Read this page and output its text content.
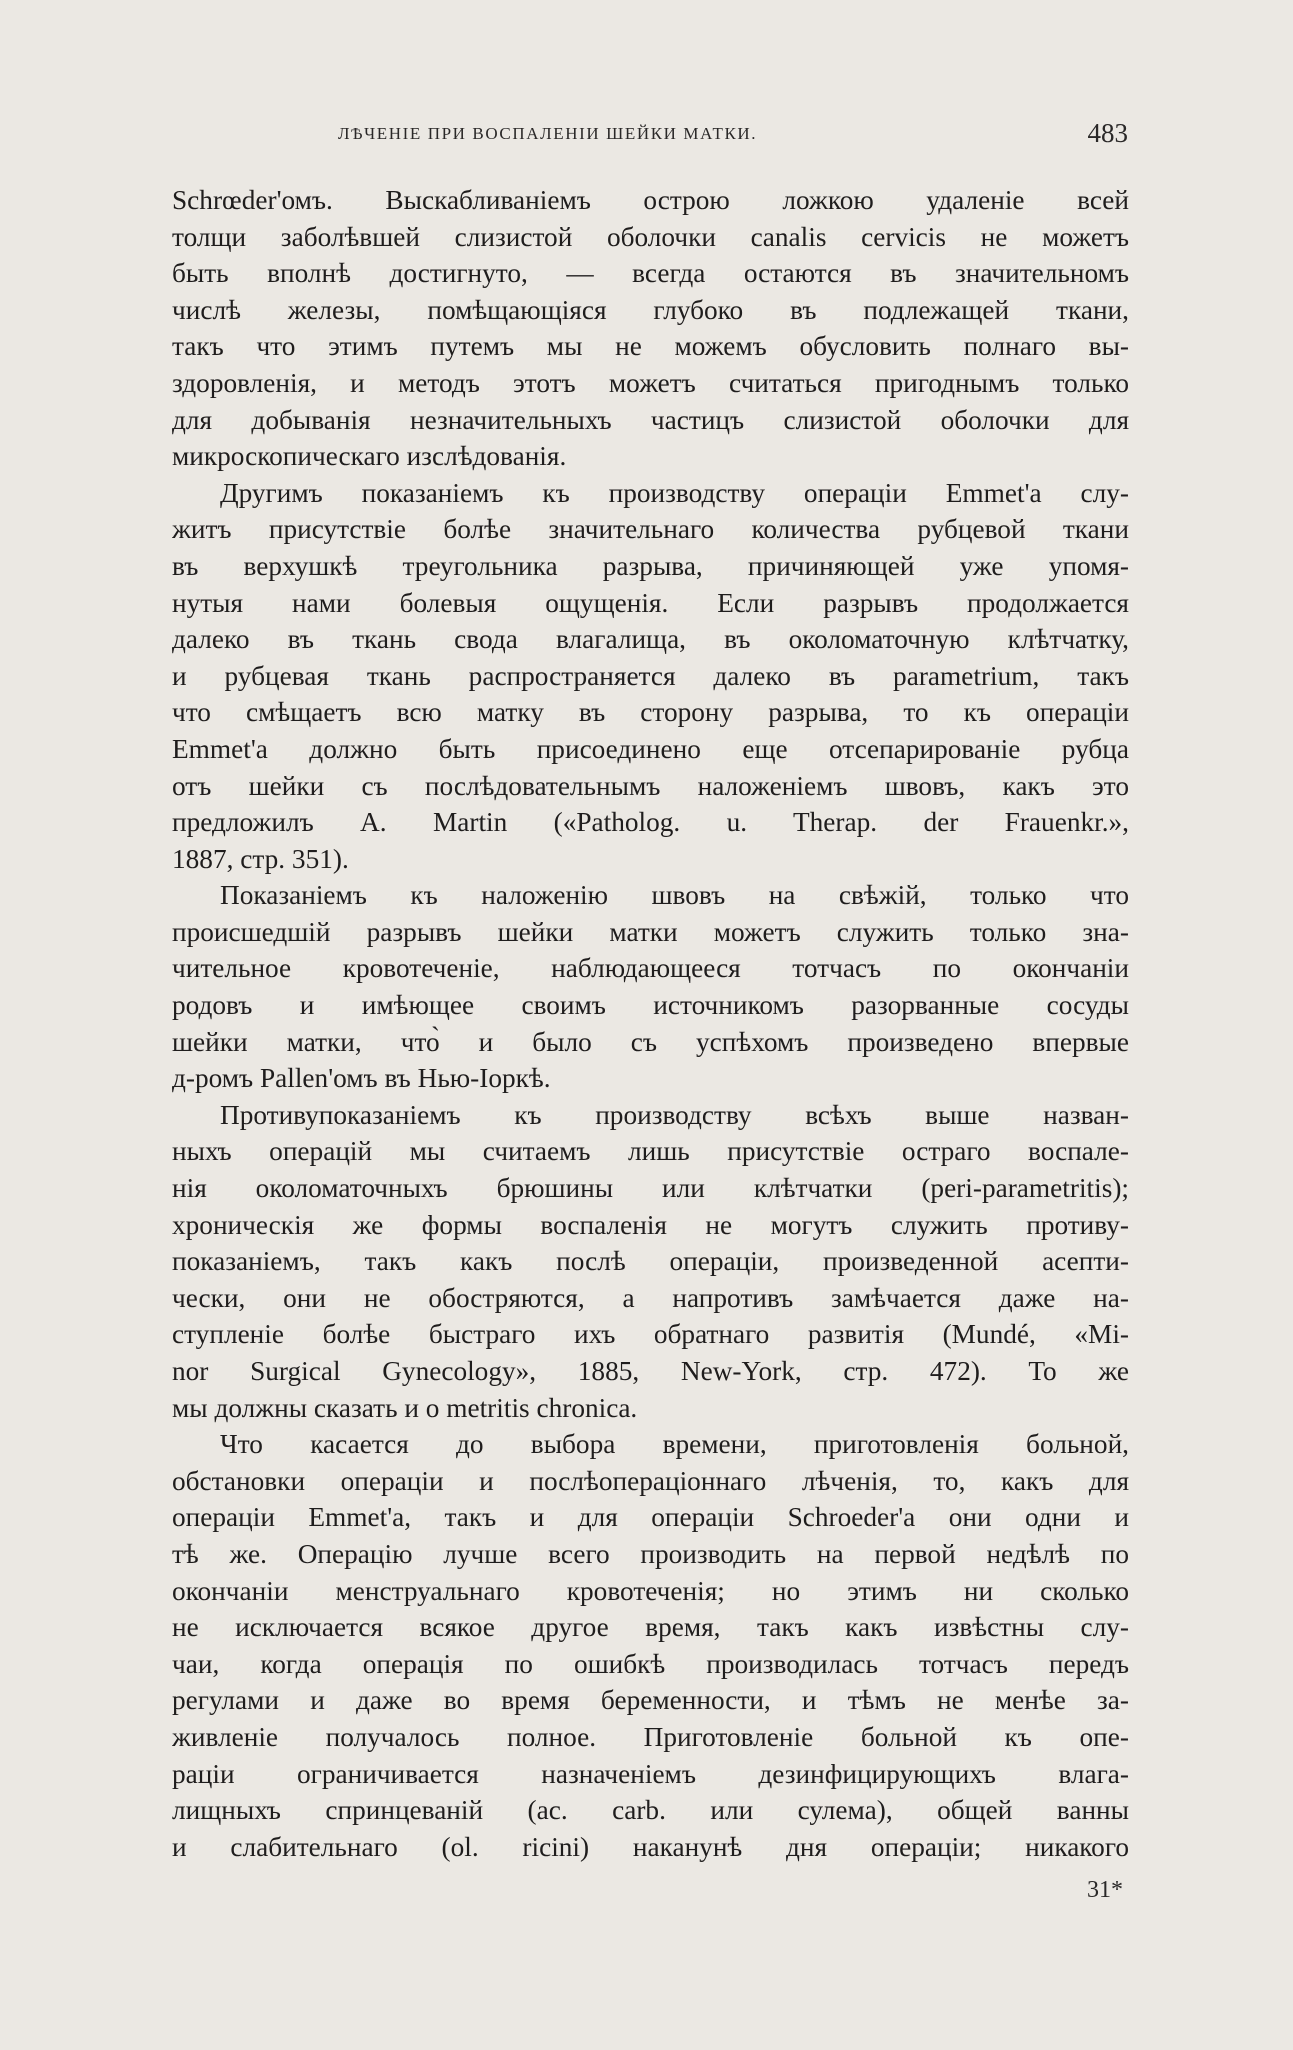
ЛѢЧЕНІЕ ПРИ ВОСПАЛЕНІИ ШЕЙКИ МАТКИ.	483
Schrœder'омъ. Выскабливаніемъ острою ложкою удаленіе всей
толщи заболѣвшей слизистой оболочки canalis cervicis не можетъ
быть вполнѣ достигнуто, — всегда остаются въ значительномъ
числѣ железы, помѣщающіяся глубоко въ подлежащей ткани,
такъ что этимъ путемъ мы не можемъ обусловить полнаго вы-
здоровленія, и методъ этотъ можетъ считаться пригоднымъ только
для добыванія незначительныхъ частицъ слизистой оболочки для
микроскопическаго изслѣдованія.
Другимъ показаніемъ къ производству операціи Emmet'а слу-
житъ присутствіе болѣе значительнаго количества рубцевой ткани
въ верхушкѣ треугольника разрыва, причиняющей уже упомя-
нутыя нами болевыя ощущенія. Если разрывъ продолжается
далеко въ ткань свода влагалища, въ околоматочную клѣтчатку,
и рубцевая ткань распространяется далеко въ parametrium, такъ
что смѣщаетъ всю матку въ сторону разрыва, то къ операціи
Emmet'а должно быть присоединено еще отсепарированіе рубца
отъ шейки съ послѣдовательнымъ наложеніемъ швовъ, какъ это
предложилъ A. Martin («Patholog. u. Therap. der Frauenkr.»,
1887, стр. 351).
Показаніемъ къ наложенію швовъ на свѣжій, только что
происшедшій разрывъ шейки матки можетъ служить только зна-
чительное кровотеченіе, наблюдающееся тотчасъ по окончаніи
родовъ и имѣющее своимъ источникомъ разорванные сосуды
шейки матки, что̀ и было съ успѣхомъ произведено впервые
д-ромъ Pallen'омъ въ Нью-Іоркѣ.
Противупоказаніемъ къ производству всѣхъ выше назван-
ныхъ операцій мы считаемъ лишь присутствіе остраго воспале-
нія околоматочныхъ брюшины или клѣтчатки (peri-parametritis);
хроническія же формы воспаленія не могутъ служить противу-
показаніемъ, такъ какъ послѣ операціи, произведенной асепти-
чески, они не обостряются, а напротивъ замѣчается даже на-
ступленіе болѣе быстраго ихъ обратнаго развитія (Mundé, «Mi-
nor Surgical Gynecology», 1885, New-York, стр. 472). То же
мы должны сказать и о metritis chronica.
Что касается до выбора времени, приготовленія больной,
обстановки операціи и послѣопераціоннаго лѣченія, то, какъ для
операціи Emmet'а, такъ и для операціи Schroeder'а они одни и
тѣ же. Операцію лучше всего производить на первой недѣлѣ по
окончаніи менструальнаго кровотеченія; но этимъ ни сколько
не исключается всякое другое время, такъ какъ извѣстны слу-
чаи, когда операція по ошибкѣ производилась тотчасъ передъ
регулами и даже во время беременности, и тѣмъ не менѣе за-
живленіе получалось полное. Приготовленіе больной къ опе-
раціи ограничивается назначеніемъ дезинфицирующихъ влага-
лищныхъ спринцеваній (ac. carb. или сулема), общей ванны
и слабительнаго (ol. ricini) наканунѣ дня операціи; никакого
31*
